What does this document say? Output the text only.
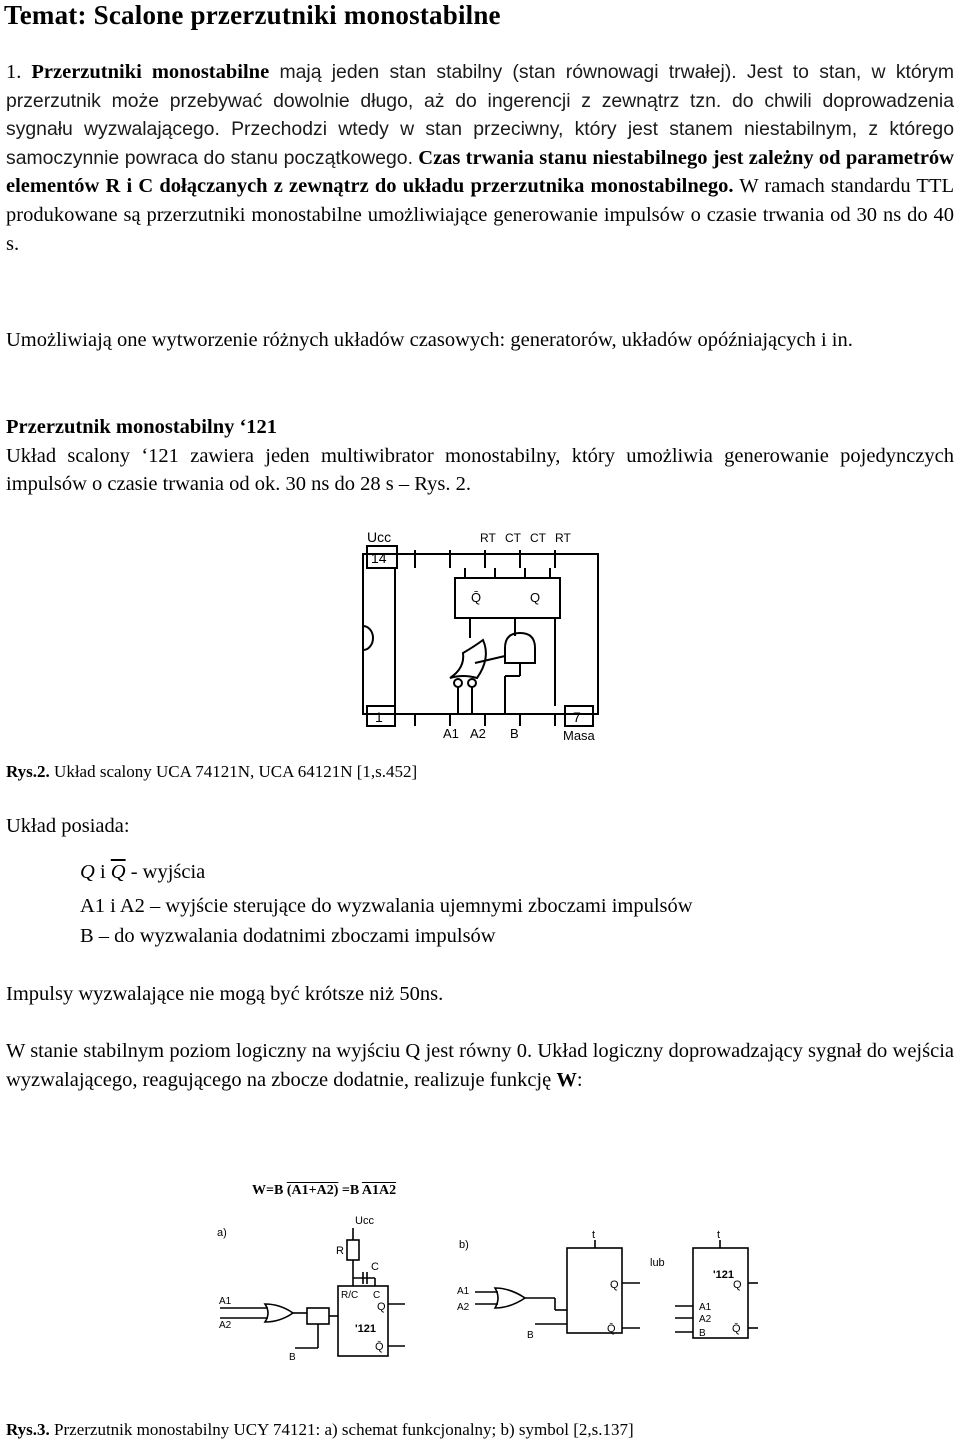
Temat: Scalone przerzutniki monostabilne
1. Przerzutniki monostabilne mają jeden stan stabilny (stan równowagi trwałej). Jest to stan, w którym przerzutnik może przebywać dowolnie długo, aż do ingerencji z zewnątrz tzn. do chwili doprowadzenia sygnału wyzwalającego. Przechodzi wtedy w stan przeciwny, który jest stanem niestabilnym, z którego samoczynnie powraca do stanu początkowego. Czas trwania stanu niestabilnego jest zależny od parametrów elementów R i C dołączanych z zewnątrz do układu przerzutnika monostabilnego. W ramach standardu TTL produkowane są przerzutniki monostabilne umożliwiające generowanie impulsów o czasie trwania od 30 ns do 40 s.
Umożliwiają one wytworzenie różnych układów czasowych: generatorów, układów opóźniających i in.
Przerzutnik monostabilny ‘121
Układ scalony ‘121 zawiera jeden multiwibrator monostabilny, który umożliwia generowanie pojedynczych impulsów o czasie trwania od ok. 30 ns do 28 s – Rys. 2.
Ucc
14
RT CT CT RT
Q̄	Q
1
A1 A2 B
7
Masa
Rys.2. Układ scalony UCA 74121N, UCA 64121N [1,s.452]
Układ posiada:
Q i $\overline{Q}$ - wyjścia
A1 i A2 – wyjście sterujące do wyzwalania ujemnymi zboczami impulsów
B – do wyzwalania dodatnimi zboczami impulsów
Impulsy wyzwalające nie mogą być krótsze niż 50ns.
W stanie stabilnym poziom logiczny na wyjściu Q jest równy 0. Układ logiczny doprowadzający sygnał do wejścia wyzwalającego, reagującego na zbocze dodatnie, realizuje funkcję W:
W=B (A1+A2) =B A1A2
a)
Ucc
R
C
R/C C
Q
'121
Q̄
A1
A2
B
b)
t	t
lub
Q
Q̄
'121
Q
Q̄
A1
A2
B
A1
A2
B
Rys.3. Przerzutnik monostabilny UCY 74121: a) schemat funkcjonalny; b) symbol [2,s.137]
